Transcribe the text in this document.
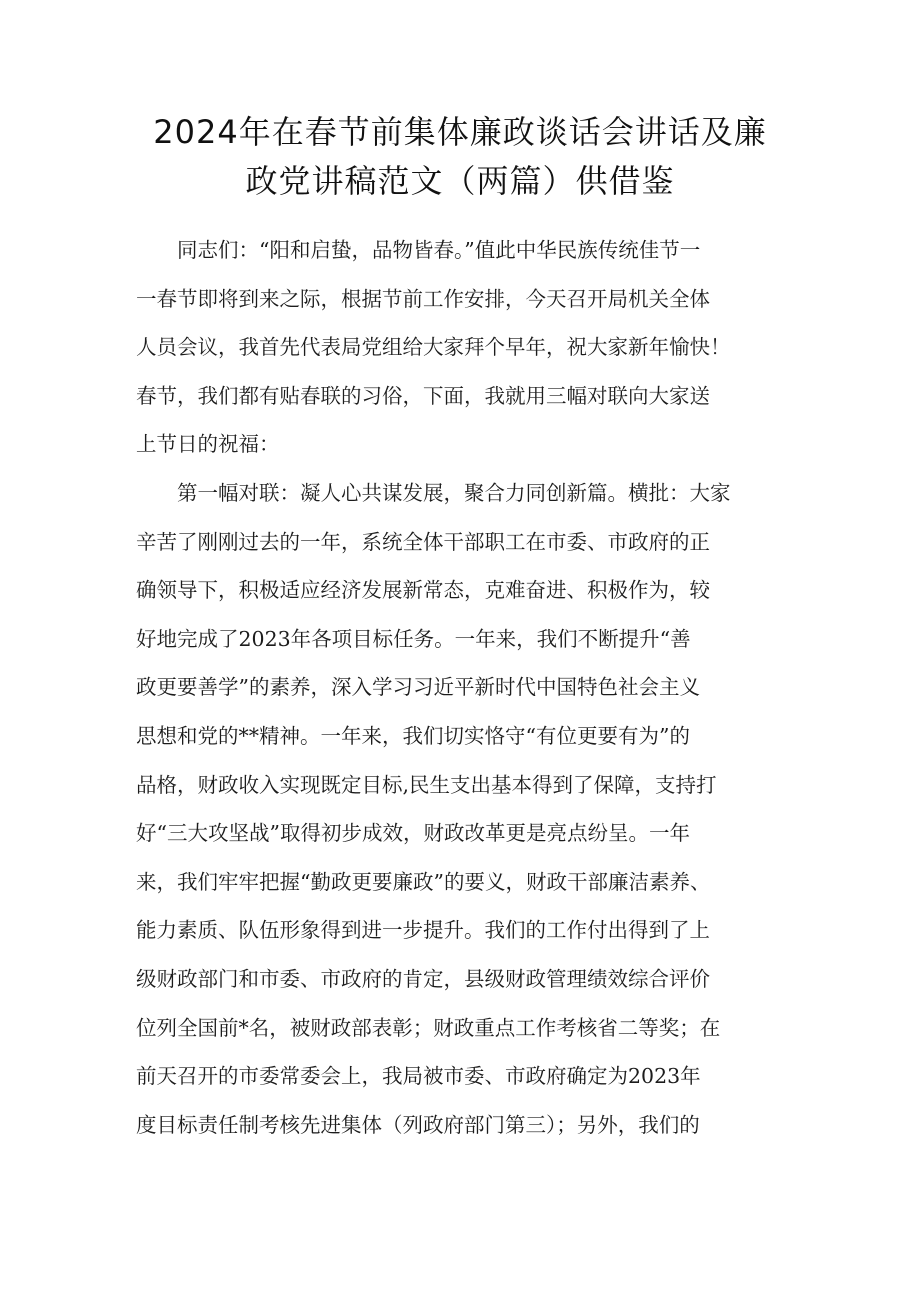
2024年在春节前集体廉政谈话会讲话及廉
政党讲稿范文（两篇）供借鉴
　　同志们：“阳和启蛰，品物皆春。”值此中华民族传统佳节一
一春节即将到来之际，根据节前工作安排，今天召开局机关全体
人员会议，我首先代表局党组给大家拜个早年，祝大家新年愉快！
春节，我们都有贴春联的习俗，下面，我就用三幅对联向大家送
上节日的祝福：
　　第一幅对联：凝人心共谋发展，聚合力同创新篇。横批：大家
辛苦了刚刚过去的一年，系统全体干部职工在市委、市政府的正
确领导下，积极适应经济发展新常态，克难奋进、积极作为，较
好地完成了2023年各项目标任务。一年来，我们不断提升“善
政更要善学”的素养，深入学习习近平新时代中国特色社会主义
思想和党的**精神。一年来，我们切实恪守“有位更要有为”的
品格，财政收入实现既定目标,民生支出基本得到了保障，支持打
好“三大攻坚战”取得初步成效，财政改革更是亮点纷呈。一年
来，我们牢牢把握“勤政更要廉政”的要义，财政干部廉洁素养、
能力素质、队伍形象得到进一步提升。我们的工作付出得到了上
级财政部门和市委、市政府的肯定，县级财政管理绩效综合评价
位列全国前*名，被财政部表彰；财政重点工作考核省二等奖；在
前天召开的市委常委会上，我局被市委、市政府确定为2023年
度目标责任制考核先进集体（列政府部门第三）；另外，我们的
